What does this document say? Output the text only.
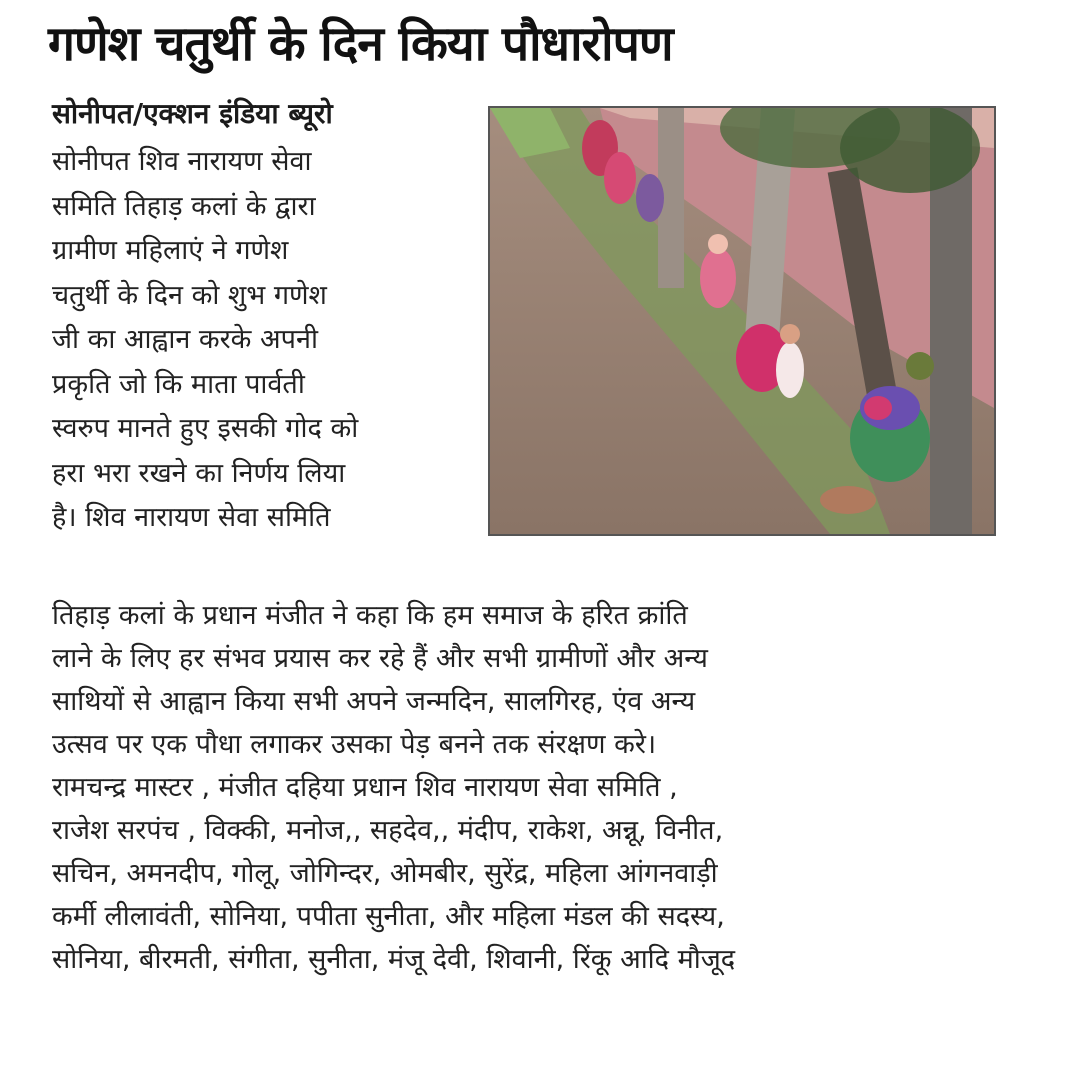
गणेश चतुर्थी के दिन किया पौधारोपण
सोनीपत/एक्शन इंडिया ब्यूरो
सोनीपत शिव नारायण सेवा
समिति तिहाड़ कलां के द्वारा
ग्रामीण महिलाएं ने गणेश
चतुर्थी के दिन को शुभ गणेश
जी का आह्वान करके अपनी
प्रकृति जो कि माता पार्वती
स्वरुप मानते हुए इसकी गोद को
हरा भरा रखने का निर्णय लिया
है। शिव नारायण सेवा समिति
तिहाड़ कलां के प्रधान मंजीत ने कहा कि हम समाज के हरित क्रांति
लाने के लिए हर संभव प्रयास कर रहे हैं और सभी ग्रामीणों और अन्य
साथियों से आह्वान किया सभी अपने जन्मदिन, सालगिरह, एंव अन्य
उत्सव पर एक पौधा लगाकर उसका पेड़ बनने तक संरक्षण करे।
रामचन्द्र मास्टर , मंजीत दहिया प्रधान शिव नारायण सेवा समिति ,
राजेश सरपंच , विक्की, मनोज,, सहदेव,, मंदीप, राकेश, अन्नू, विनीत,
सचिन, अमनदीप, गोलू, जोगिन्दर, ओमबीर, सुरेंद्र, महिला आंगनवाड़ी
कर्मी लीलावंती, सोनिया, पपीता सुनीता, और महिला मंडल की सदस्य,
सोनिया, बीरमती, संगीता, सुनीता, मंजू देवी, शिवानी, रिंकू आदि मौजूद
